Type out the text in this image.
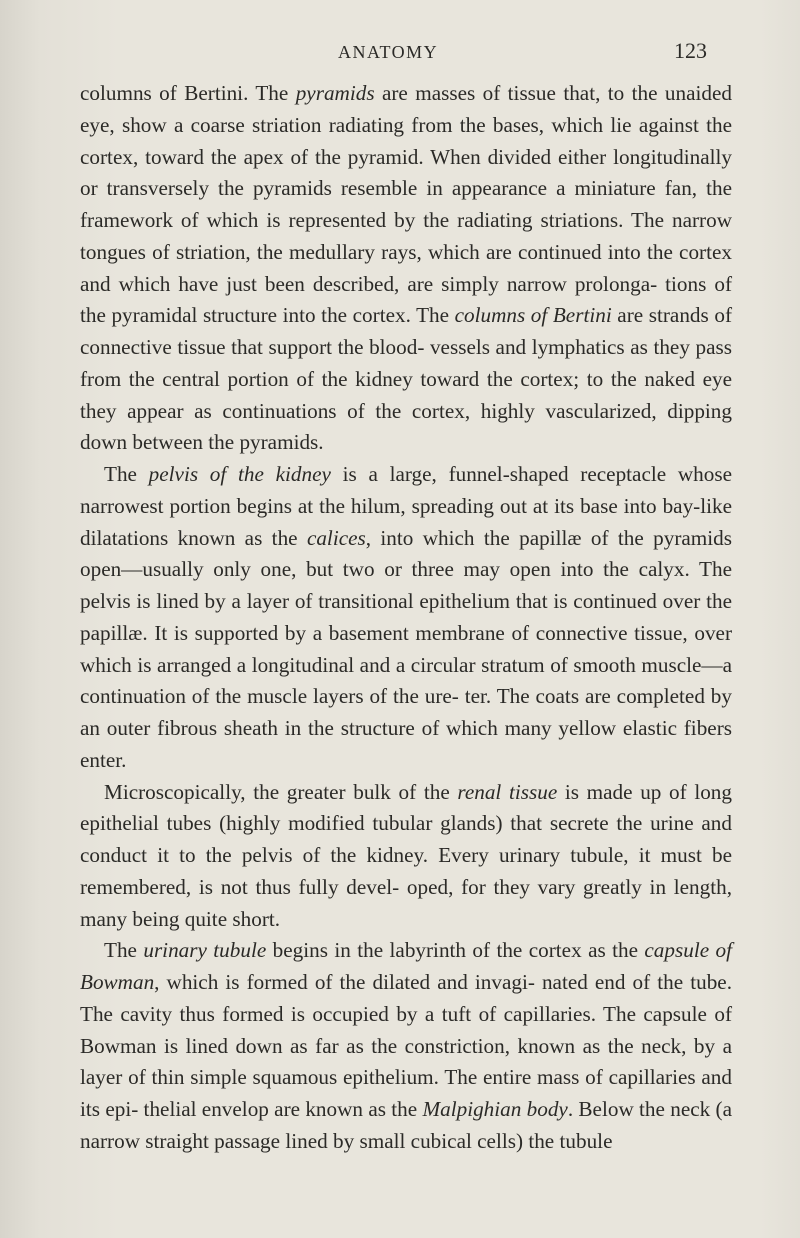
ANATOMY	123

columns of Bertini. The pyramids are masses of tissue that, to the unaided eye, show a coarse striation radiating from the bases, which lie against the cortex, toward the apex of the pyramid. When divided either longitudinally or transversely the pyramids resemble in appearance a miniature fan, the framework of which is represented by the radiating striations. The narrow tongues of striation, the medullary rays, which are continued into the cortex and which have just been described, are simply narrow prolonga- tions of the pyramidal structure into the cortex. The columns of Bertini are strands of connective tissue that support the blood- vessels and lymphatics as they pass from the central portion of the kidney toward the cortex; to the naked eye they appear as continuations of the cortex, highly vascularized, dipping down between the pyramids.

The pelvis of the kidney is a large, funnel-shaped receptacle whose narrowest portion begins at the hilum, spreading out at its base into bay-like dilatations known as the calices, into which the papillæ of the pyramids open—usually only one, but two or three may open into the calyx. The pelvis is lined by a layer of transitional epithelium that is continued over the papillæ. It is supported by a basement membrane of connective tissue, over which is arranged a longitudinal and a circular stratum of smooth muscle—a continuation of the muscle layers of the ure- ter. The coats are completed by an outer fibrous sheath in the structure of which many yellow elastic fibers enter.

Microscopically, the greater bulk of the renal tissue is made up of long epithelial tubes (highly modified tubular glands) that secrete the urine and conduct it to the pelvis of the kidney. Every urinary tubule, it must be remembered, is not thus fully devel- oped, for they vary greatly in length, many being quite short.

The urinary tubule begins in the labyrinth of the cortex as the capsule of Bowman, which is formed of the dilated and invagi- nated end of the tube. The cavity thus formed is occupied by a tuft of capillaries. The capsule of Bowman is lined down as far as the constriction, known as the neck, by a layer of thin simple squamous epithelium. The entire mass of capillaries and its epi- thelial envelop are known as the Malpighian body. Below the neck (a narrow straight passage lined by small cubical cells) the tubule
